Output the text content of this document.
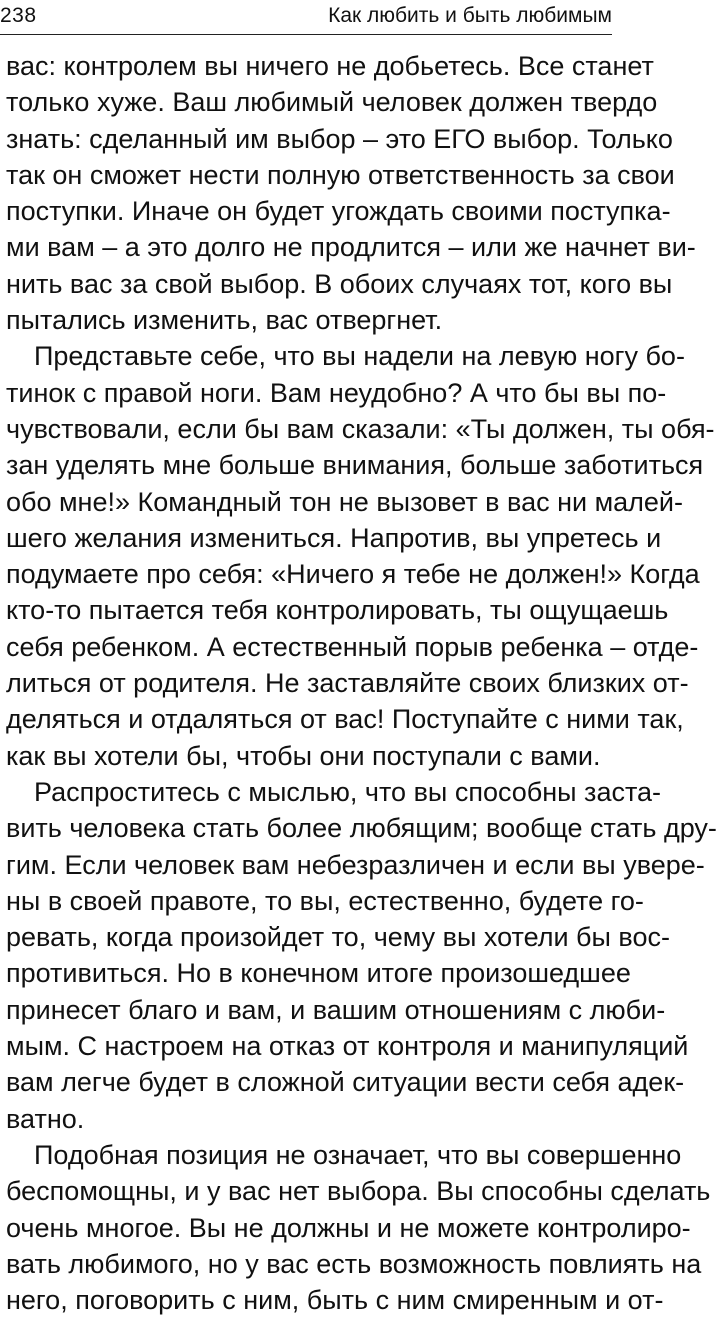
238	Как любить и быть любимым
вас: контролем вы ничего не добьетесь. Все станет
только хуже. Ваш любимый человек должен твердо
знать: сделанный им выбор – это ЕГО выбор. Только
так он сможет нести полную ответственность за свои
поступки. Иначе он будет угождать своими поступка-
ми вам – а это долго не продлится – или же начнет ви-
нить вас за свой выбор. В обоих случаях тот, кого вы
пытались изменить, вас отвергнет.
Представьте себе, что вы надели на левую ногу бо-
тинок с правой ноги. Вам неудобно? А что бы вы по-
чувствовали, если бы вам сказали: «Ты должен, ты обя-
зан уделять мне больше внимания, больше заботиться
обо мне!» Командный тон не вызовет в вас ни малей-
шего желания измениться. Напротив, вы упретесь и
подумаете про себя: «Ничего я тебе не должен!» Когда
кто-то пытается тебя контролировать, ты ощущаешь
себя ребенком. А естественный порыв ребенка – отде-
литься от родителя. Не заставляйте своих близких от-
деляться и отдаляться от вас! Поступайте с ними так,
как вы хотели бы, чтобы они поступали с вами.
Распроститесь с мыслью, что вы способны заста-
вить человека стать более любящим; вообще стать дру-
гим. Если человек вам небезразличен и если вы уверe-
ны в своей правоте, то вы, естественно, будете го-
ревать, когда произойдет то, чему вы хотели бы вос-
противиться. Но в конечном итоге произошедшее
принесет благо и вам, и вашим отношениям с люби-
мым. С настроем на отказ от контроля и манипуляций
вам легче будет в сложной ситуации вести себя адек-
ватно.
Подобная позиция не означает, что вы совершенно
беспомощны, и у вас нет выбора. Вы способны сделать
очень многое. Вы не должны и не можете контролиро-
вать любимого, но у вас есть возможность повлиять на
него, поговорить с ним, быть с ним смиренным и от-
